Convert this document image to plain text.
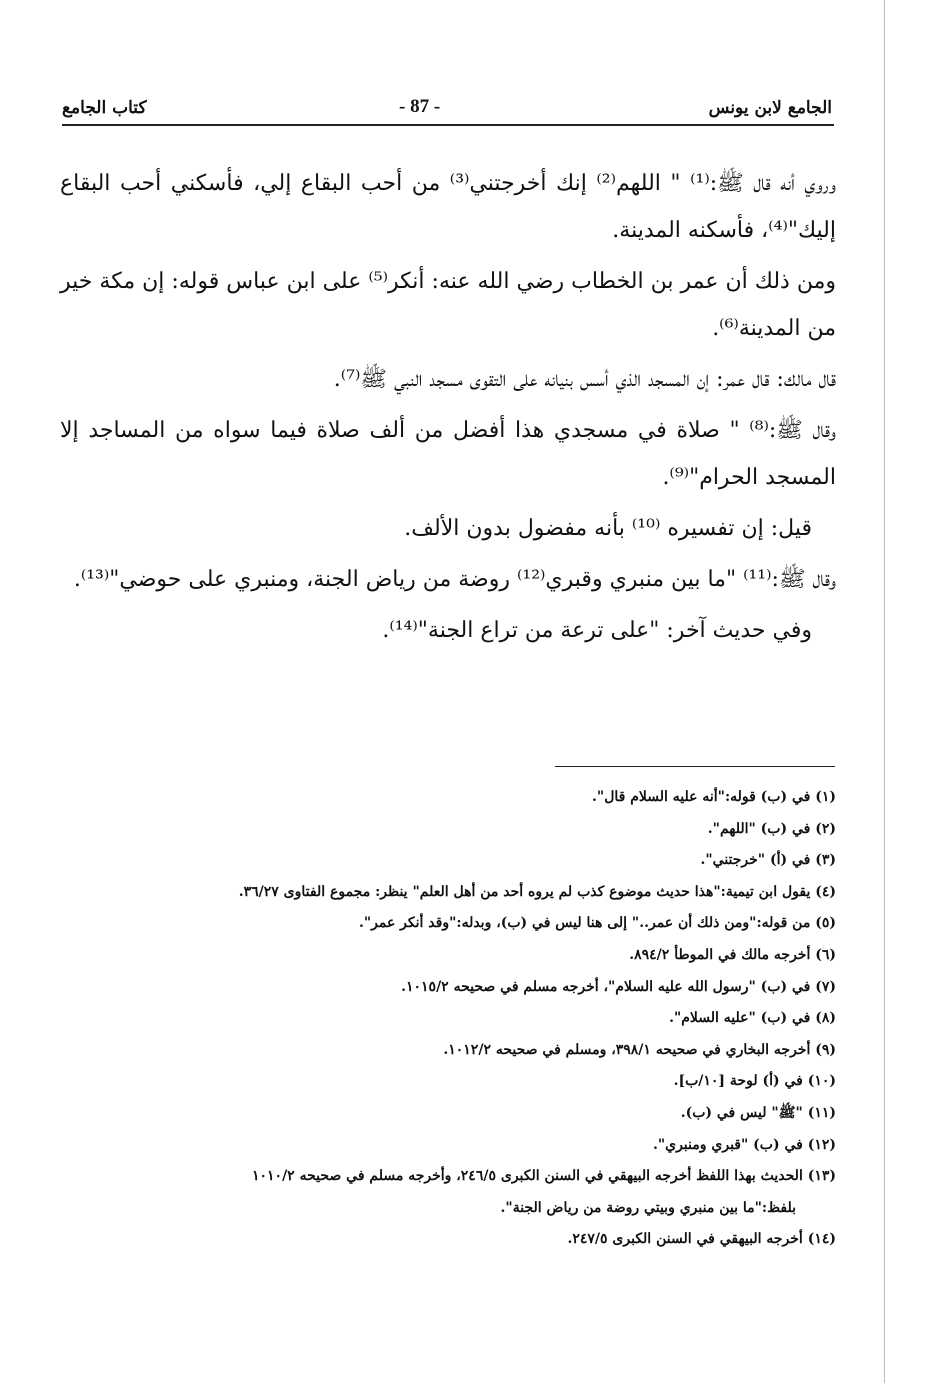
الجامع لابن يونس
- 87 -
كتاب الجامع

وروي أنه قال ﷺ:⁽¹⁾ " اللهم⁽²⁾ إنك أخرجتني⁽³⁾ من أحب البقاع إلي، فأسكني أحب البقاع إليك"⁽⁴⁾، فأسكنه المدينة.

ومن ذلك أن عمر بن الخطاب رضي الله عنه: أنكر⁽⁵⁾ على ابن عباس قوله: إن مكة خير من المدينة⁽⁶⁾.

قال مالك: قال عمر: إن المسجد الذي أسس بنيانه على التقوى مسجد النبي ﷺ⁽⁷⁾.

وقال ﷺ:⁽⁸⁾ " صلاة في مسجدي هذا أفضل من ألف صلاة فيما سواه من المساجد إلا المسجد الحرام"⁽⁹⁾.

قيل: إن تفسيره ⁽¹⁰⁾ بأنه مفضول بدون الألف.

وقال ﷺ:⁽¹¹⁾ "ما بين منبري وقبري⁽¹²⁾ روضة من رياض الجنة، ومنبري على حوضي"⁽¹³⁾.

وفي حديث آخر: "على ترعة من تراع الجنة"⁽¹⁴⁾.

(١) في (ب) قوله:"أنه عليه السلام قال".
(٢) في (ب) "اللهم".
(٣) في (أ) "خرجتني".
(٤) يقول ابن تيمية:"هذا حديث موضوع كذب لم يروه أحد من أهل العلم" ينظر: مجموع الفتاوى ٣٦/٢٧.
(٥) من قوله:"ومن ذلك أن عمر.." إلى هنا ليس في (ب)، وبدله:"وقد أنكر عمر".
(٦) أخرجه مالك في الموطأ ٨٩٤/٢.
(٧) في (ب) "رسول الله عليه السلام"، أخرجه مسلم في صحيحه ١٠١٥/٢.
(٨) في (ب) "عليه السلام".
(٩) أخرجه البخاري في صحيحه ٣٩٨/١، ومسلم في صحيحه ١٠١٢/٢.
(١٠) في (أ) لوحة [١٠/ب].
(١١) "ﷺ" ليس في (ب).
(١٢) في (ب) "قبري ومنبري".
(١٣) الحديث بهذا اللفظ أخرجه البيهقي في السنن الكبرى ٢٤٦/٥، وأخرجه مسلم في صحيحه ١٠١٠/٢
بلفظ:"ما بين منبري وبيتي روضة من رياض الجنة".
(١٤) أخرجه البيهقي في السنن الكبرى ٢٤٧/٥.
